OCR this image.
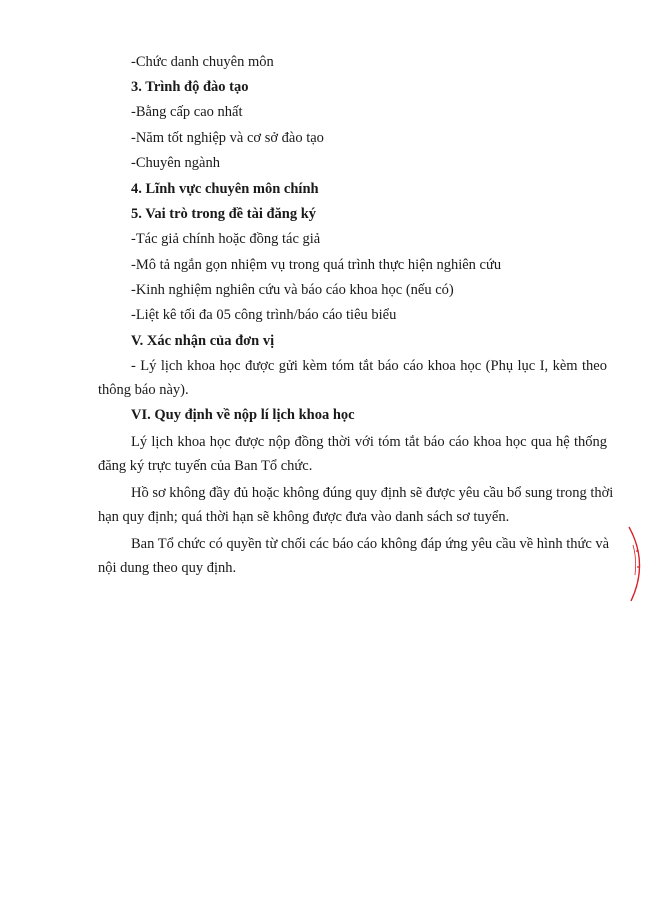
-Chức danh chuyên môn
3. Trình độ đào tạo
-Bằng cấp cao nhất
-Năm tốt nghiệp và cơ sở đào tạo
-Chuyên ngành
4. Lĩnh vực chuyên môn chính
5. Vai trò trong đề tài đăng ký
-Tác giả chính hoặc đồng tác giả
-Mô tả ngắn gọn nhiệm vụ trong quá trình thực hiện nghiên cứu
-Kinh nghiệm nghiên cứu và báo cáo khoa học (nếu có)
-Liệt kê tối đa 05 công trình/báo cáo tiêu biểu
V. Xác nhận của đơn vị
- Lý lịch khoa học được gửi kèm tóm tắt báo cáo khoa học (Phụ lục I, kèm theo
thông báo này).
VI. Quy định về nộp lí lịch khoa học
Lý lịch khoa học được nộp đồng thời với tóm tắt báo cáo khoa học qua hệ thống
đăng ký trực tuyến của Ban Tổ chức.
Hồ sơ không đầy đủ hoặc không đúng quy định sẽ được yêu cầu bổ sung trong thời
hạn quy định; quá thời hạn sẽ không được đưa vào danh sách sơ tuyển.
Ban Tổ chức có quyền từ chối các báo cáo không đáp ứng yêu cầu về hình thức và
nội dung theo quy định.
